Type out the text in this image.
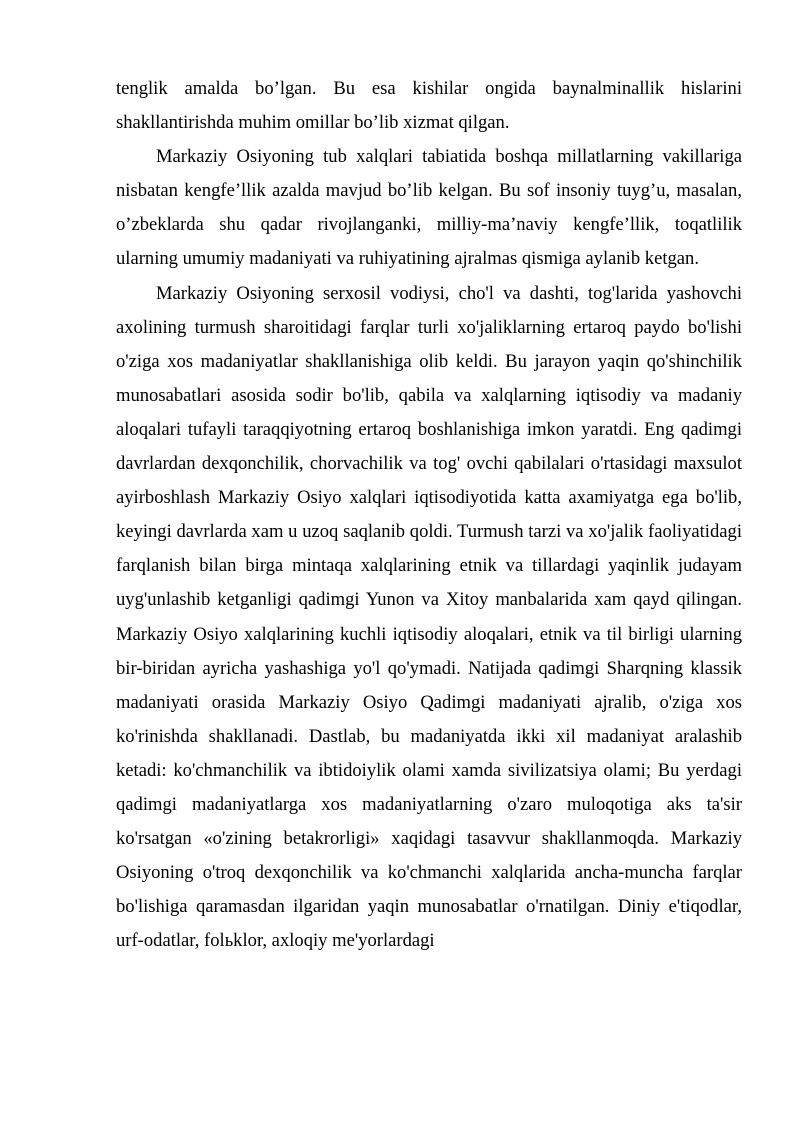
tenglik amalda bo’lgan. Bu esa kishilar ongida baynalminallik hislarini shakllantirishda muhim omillar bo’lib xizmat qilgan.

Markaziy Osiyoning tub xalqlari tabiatida boshqa millatlarning vakillariga nisbatan kengfe’llik azalda mavjud bo’lib kelgan. Bu sof insoniy tuyg’u, masalan, o’zbeklarda shu qadar rivojlanganki, milliy-ma’naviy kengfe’llik, toqatlilik ularning umumiy madaniyati va ruhiyatining ajralmas qismiga aylanib ketgan.

Markaziy Osiyoning serxosil vodiysi, cho'l va dashti, tog'larida yashovchi axolining turmush sharoitidagi farqlar turli xo'jaliklarning ertaroq paydo bo'lishi o'ziga xos madaniyatlar shakllanishiga olib keldi. Bu jarayon yaqin qo'shinchilik munosabatlari asosida sodir bo'lib, qabila va xalqlarning iqtisodiy va madaniy aloqalari tufayli taraqqiyotning ertaroq boshlanishiga imkon yaratdi. Eng qadimgi davrlardan dexqonchilik, chorvachilik va tog' ovchi qabilalari o'rtasidagi maxsulot ayirboshlash Markaziy Osiyo xalqlari iqtisodiyotida katta axamiyatga ega bo'lib, keyingi davrlarda xam u uzoq saqlanib qoldi. Turmush tarzi va xo'jalik faoliyatidagi farqlanish bilan birga mintaqa xalqlarining etnik va tillardagi yaqinlik judayam uyg'unlashib ketganligi qadimgi Yunon va Xitoy manbalarida xam qayd qilingan. Markaziy Osiyo xalqlarining kuchli iqtisodiy aloqalari, etnik va til birligi ularning bir-biridan ayricha yashashiga yo'l qo'ymadi. Natijada qadimgi Sharqning klassik madaniyati orasida Markaziy Osiyo Qadimgi madaniyati ajralib, o'ziga xos ko'rinishda shakllanadi. Dastlab, bu madaniyatda ikki xil madaniyat aralashib ketadi: ko'chmanchilik va ibtidoiylik olami xamda sivilizatsiya olami; Bu yerdagi qadimgi madaniyatlarga xos madaniyatlarning o'zaro muloqotiga aks ta'sir ko'rsatgan «o'zining betakrorligi» xaqidagi tasavvur shakllanmoqda. Markaziy Osiyoning o'troq dexqonchilik va ko'chmanchi xalqlarida ancha-muncha farqlar bo'lishiga qaramasdan ilgaridan yaqin munosabatlar o'rnatilgan. Diniy e'tiqodlar, urf-odatlar, folьklor, axloqiy me'yorlardagi
